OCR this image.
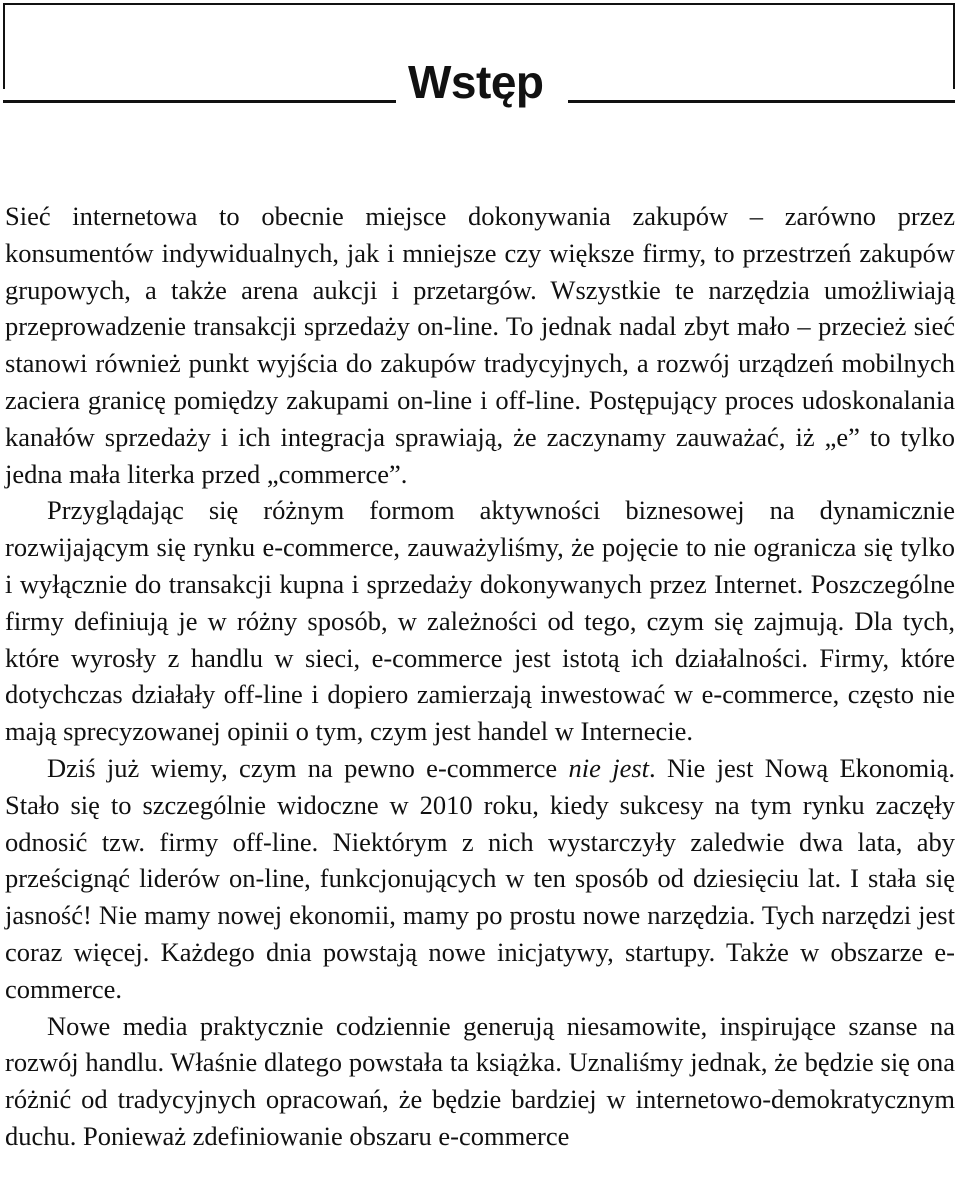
Wstęp

Sieć internetowa to obecnie miejsce dokonywania zakupów – zarówno przez konsumentów indywidualnych, jak i mniejsze czy większe firmy, to przestrzeń zakupów grupowych, a także arena aukcji i przetargów. Wszystkie te narzędzia umożliwiają przeprowadzenie transakcji sprzedaży on-line. To jednak nadal zbyt mało – przecież sieć stanowi również punkt wyjścia do zakupów tradycyjnych, a rozwój urządzeń mobilnych zaciera granicę pomiędzy zakupami on-line i off-line. Postępujący proces udoskonalania kanałów sprzedaży i ich integracja sprawiają, że zaczynamy zauważać, iż „e” to tylko jedna mała literka przed „commerce”.

Przyglądając się różnym formom aktywności biznesowej na dynamicznie rozwijającym się rynku e-commerce, zauważyliśmy, że pojęcie to nie ogranicza się tylko i wyłącznie do transakcji kupna i sprzedaży dokonywanych przez Internet. Poszczególne firmy definiują je w różny sposób, w zależności od tego, czym się zajmują. Dla tych, które wyrosły z handlu w sieci, e-commerce jest istotą ich działalności. Firmy, które dotychczas działały off-line i dopiero zamierzają inwestować w e-commerce, często nie mają sprecyzowanej opinii o tym, czym jest handel w Internecie.

Dziś już wiemy, czym na pewno e-commerce nie jest. Nie jest Nową Ekonomią. Stało się to szczególnie widoczne w 2010 roku, kiedy sukcesy na tym rynku zaczęły odnosić tzw. firmy off-line. Niektórym z nich wystarczyły zaledwie dwa lata, aby prześcignąć liderów on-line, funkcjonujących w ten sposób od dziesięciu lat. I stała się jasność! Nie mamy nowej ekonomii, mamy po prostu nowe narzędzia. Tych narzędzi jest coraz więcej. Każdego dnia powstają nowe inicjatywy, startupy. Także w obszarze e-commerce.

Nowe media praktycznie codziennie generują niesamowite, inspirujące szanse na rozwój handlu. Właśnie dlatego powstała ta książka. Uznaliśmy jednak, że będzie się ona różnić od tradycyjnych opracowań, że będzie bardziej w internetowo-demokratycznym duchu. Ponieważ zdefiniowanie obszaru e-commerce
